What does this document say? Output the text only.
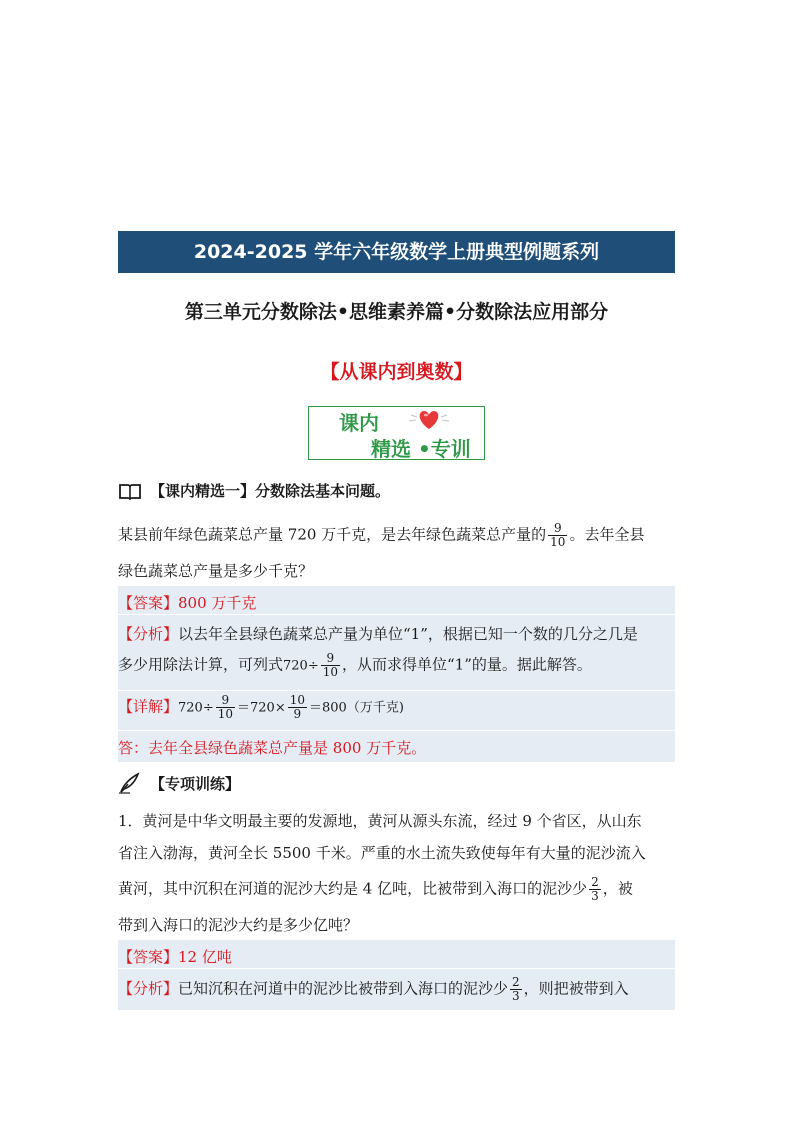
2024-2025 学年六年级数学上册典型例题系列
第三单元分数除法•思维素养篇•分数除法应用部分
【从课内到奥数】
课内
精选 •专训
【课内精选一】分数除法基本问题。
某县前年绿色蔬菜总产量 720 万千克，是去年绿色蔬菜总产量的 $\frac{9}{10}$ 。去年全县
绿色蔬菜总产量是多少千克？
【答案】800 万千克
【分析】以去年全县绿色蔬菜总产量为单位“1”，根据已知一个数的几分之几是
多少用除法计算，可列式$720\div \frac{9}{10}$ ，从而求得单位“1”的量。据此解答。
【详解】$720\div \frac{9}{10} =720\times \frac{10}{9} =800$（万千克)
答：去年全县绿色蔬菜总产量是 800 万千克。
【专项训练】
1．黄河是中华文明最主要的发源地，黄河从源头东流，经过 9 个省区，从山东
省注入渤海，黄河全长 5500 千米。严重的水土流失致使每年有大量的泥沙流入
黄河，其中沉积在河道的泥沙大约是 4 亿吨，比被带到入海口的泥沙少 $\frac{2}{3}$ ，被
带到入海口的泥沙大约是多少亿吨？
【答案】12 亿吨
【分析】已知沉积在河道中的泥沙比被带到入海口的泥沙少 $\frac{2}{3}$ ，则把被带到入
